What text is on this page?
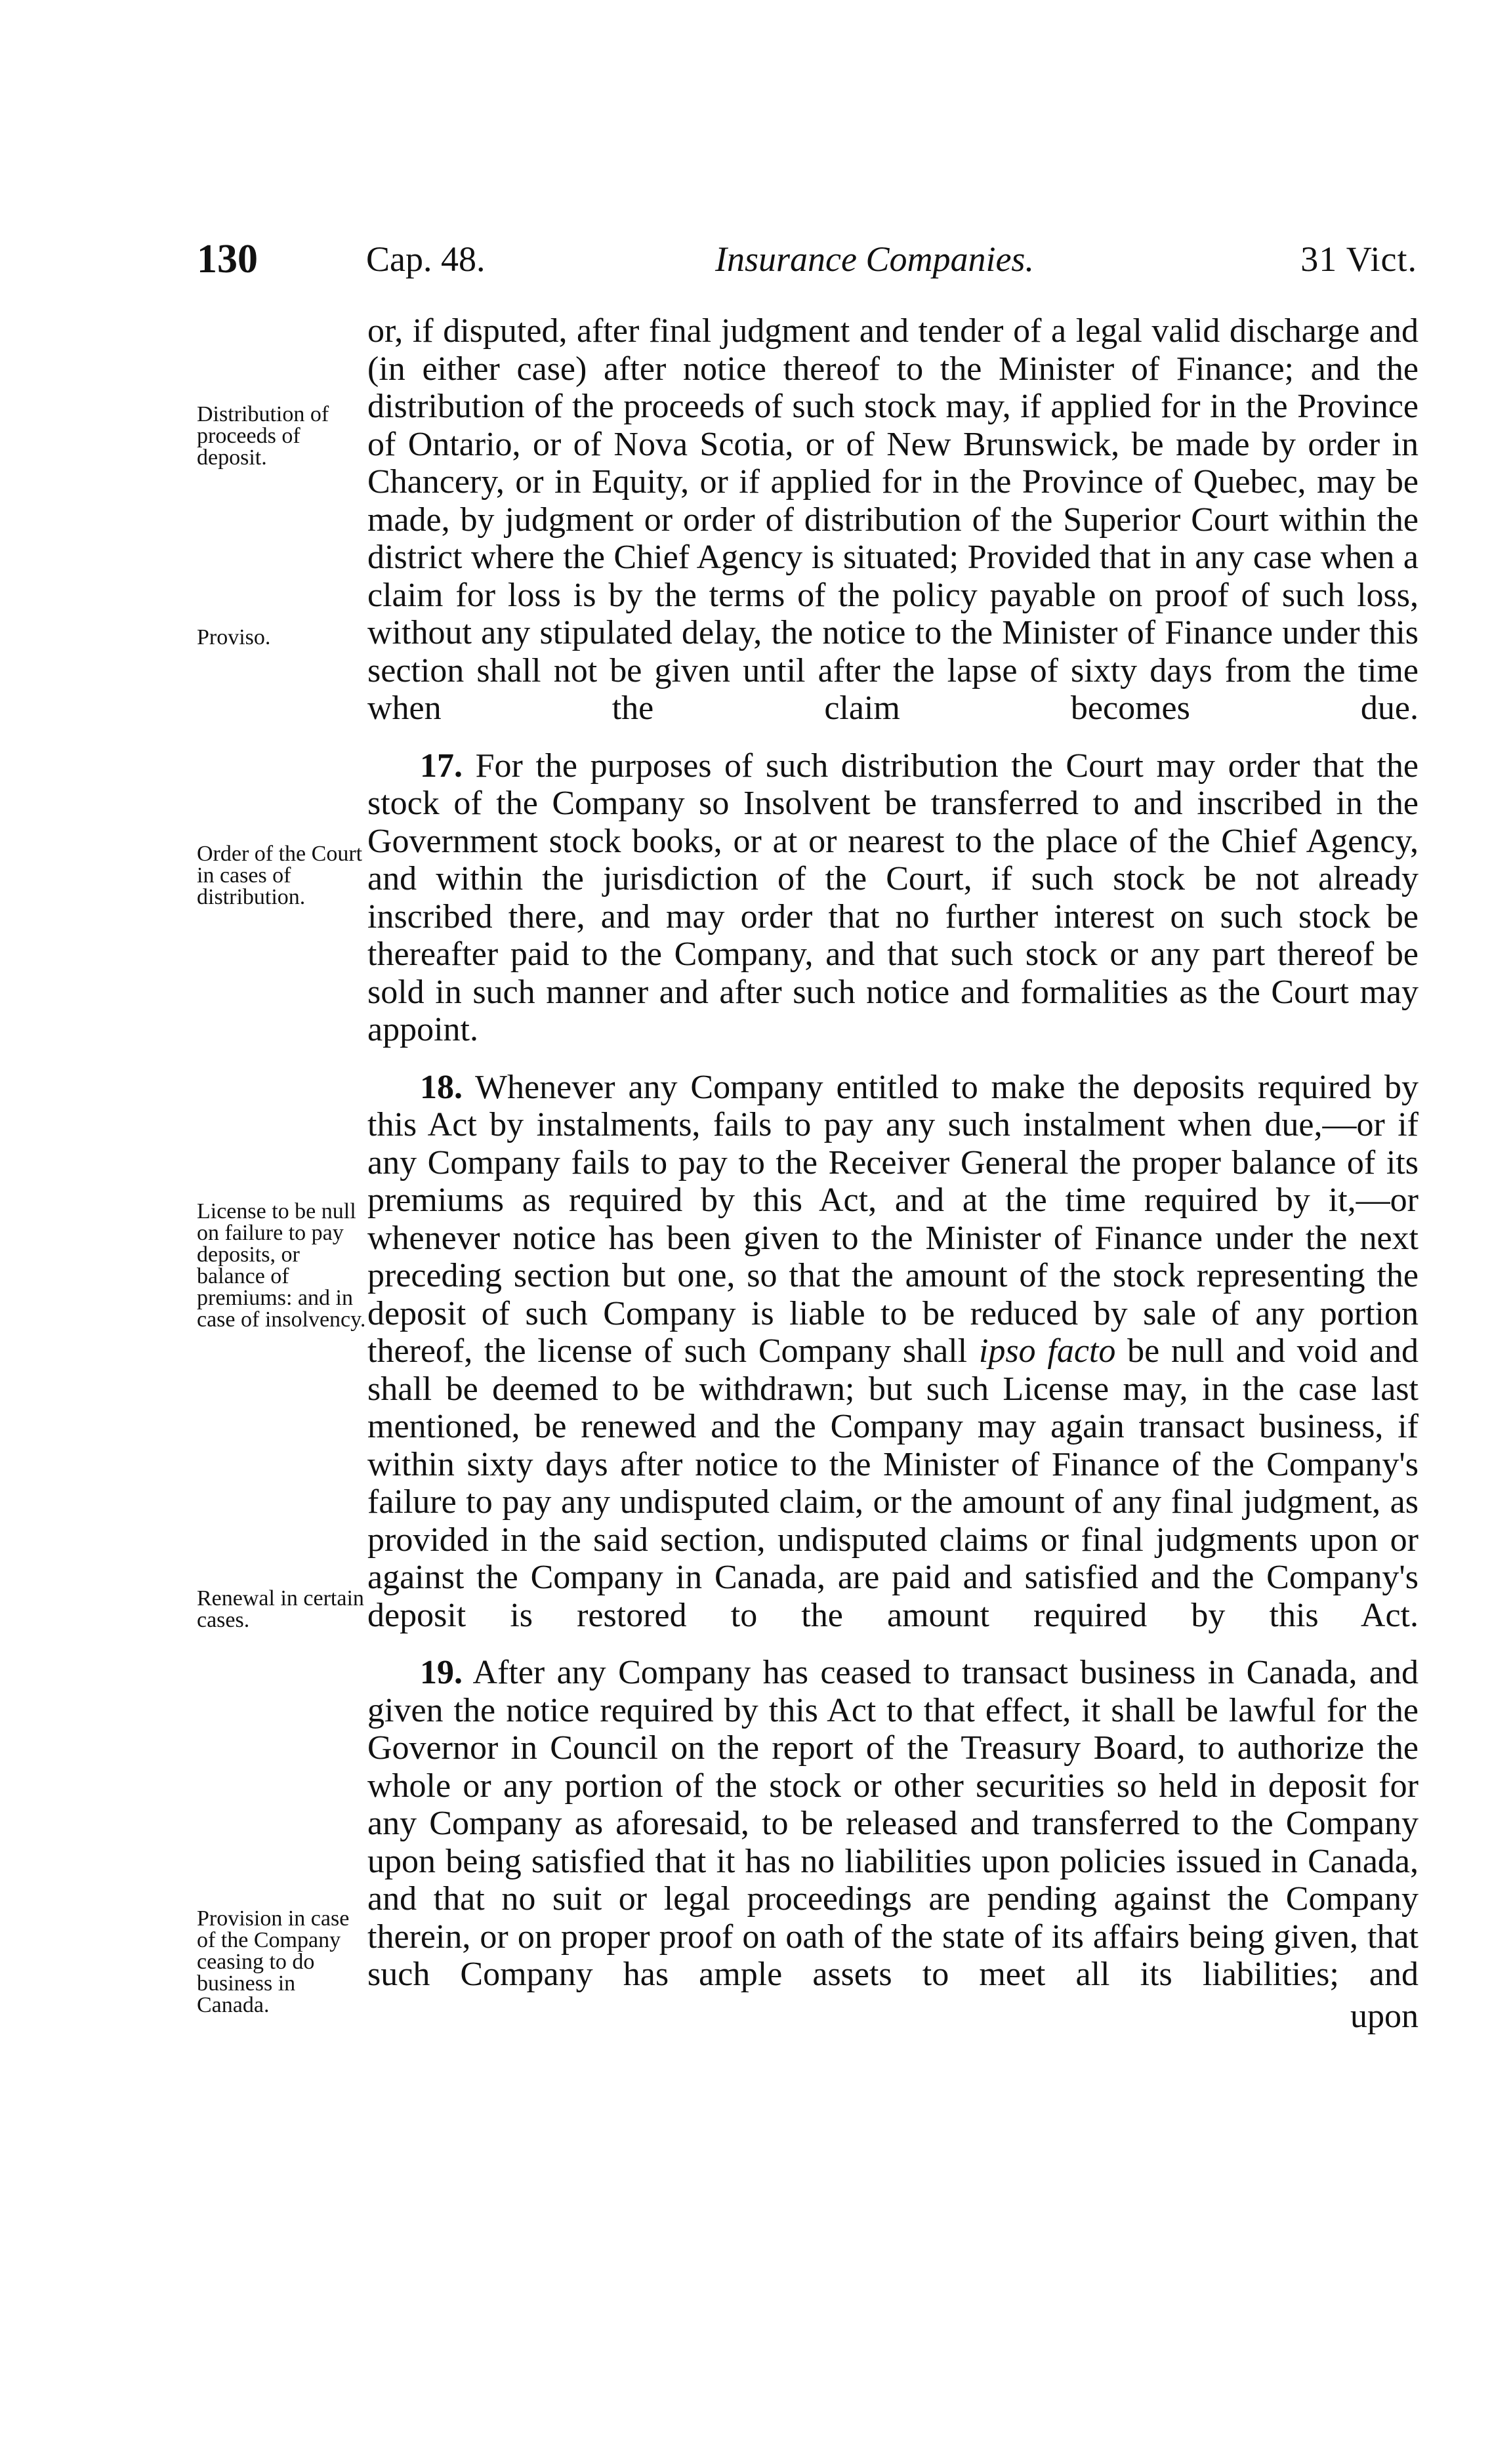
130	Cap. 48.	Insurance Companies.	31 Vict.
Distribution of proceeds of deposit.
Proviso.
Order of the Court in cases of distribution.
License to be null on failure to pay deposits, or balance of premiums: and in case of insolvency.
Renewal in certain cases.
Provision in case of the Company ceasing to do business in Canada.

or, if disputed, after final judgment and tender of a legal valid discharge and (in either case) after notice thereof to the Minister of Finance; and the distribution of the proceeds of such stock may, if applied for in the Province of Ontario, or of Nova Scotia, or of New Brunswick, be made by order in Chancery, or in Equity, or if applied for in the Province of Quebec, may be made, by judgment or order of distribution of the Superior Court within the district where the Chief Agency is situated; Provided that in any case when a claim for loss is by the terms of the policy payable on proof of such loss, without any stipulated delay, the notice to the Minister of Finance under this section shall not be given until after the lapse of sixty days from the time when the claim becomes due.

17. For the purposes of such distribution the Court may order that the stock of the Company so Insolvent be transferred to and inscribed in the Government stock books, or at or nearest to the place of the Chief Agency, and within the jurisdiction of the Court, if such stock be not already inscribed there, and may order that no further interest on such stock be thereafter paid to the Company, and that such stock or any part thereof be sold in such manner and after such notice and formalities as the Court may appoint.

18. Whenever any Company entitled to make the deposits required by this Act by instalments, fails to pay any such instalment when due,—or if any Company fails to pay to the Receiver General the proper balance of its premiums as required by this Act, and at the time required by it,—or whenever notice has been given to the Minister of Finance under the next preceding section but one, so that the amount of the stock representing the deposit of such Company is liable to be reduced by sale of any portion thereof, the license of such Company shall ipso facto be null and void and shall be deemed to be withdrawn; but such License may, in the case last mentioned, be renewed and the Company may again transact business, if within sixty days after notice to the Minister of Finance of the Company's failure to pay any undisputed claim, or the amount of any final judgment, as provided in the said section, undisputed claims or final judgments upon or against the Company in Canada, are paid and satisfied and the Company's deposit is restored to the amount required by this Act.

19. After any Company has ceased to transact business in Canada, and given the notice required by this Act to that effect, it shall be lawful for the Governor in Council on the report of the Treasury Board, to authorize the whole or any portion of the stock or other securities so held in deposit for any Company as aforesaid, to be released and transferred to the Company upon being satisfied that it has no liabilities upon policies issued in Canada, and that no suit or legal proceedings are pending against the Company therein, or on proper proof on oath of the state of its affairs being given, that such Company has ample assets to meet all its liabilities; and

upon
